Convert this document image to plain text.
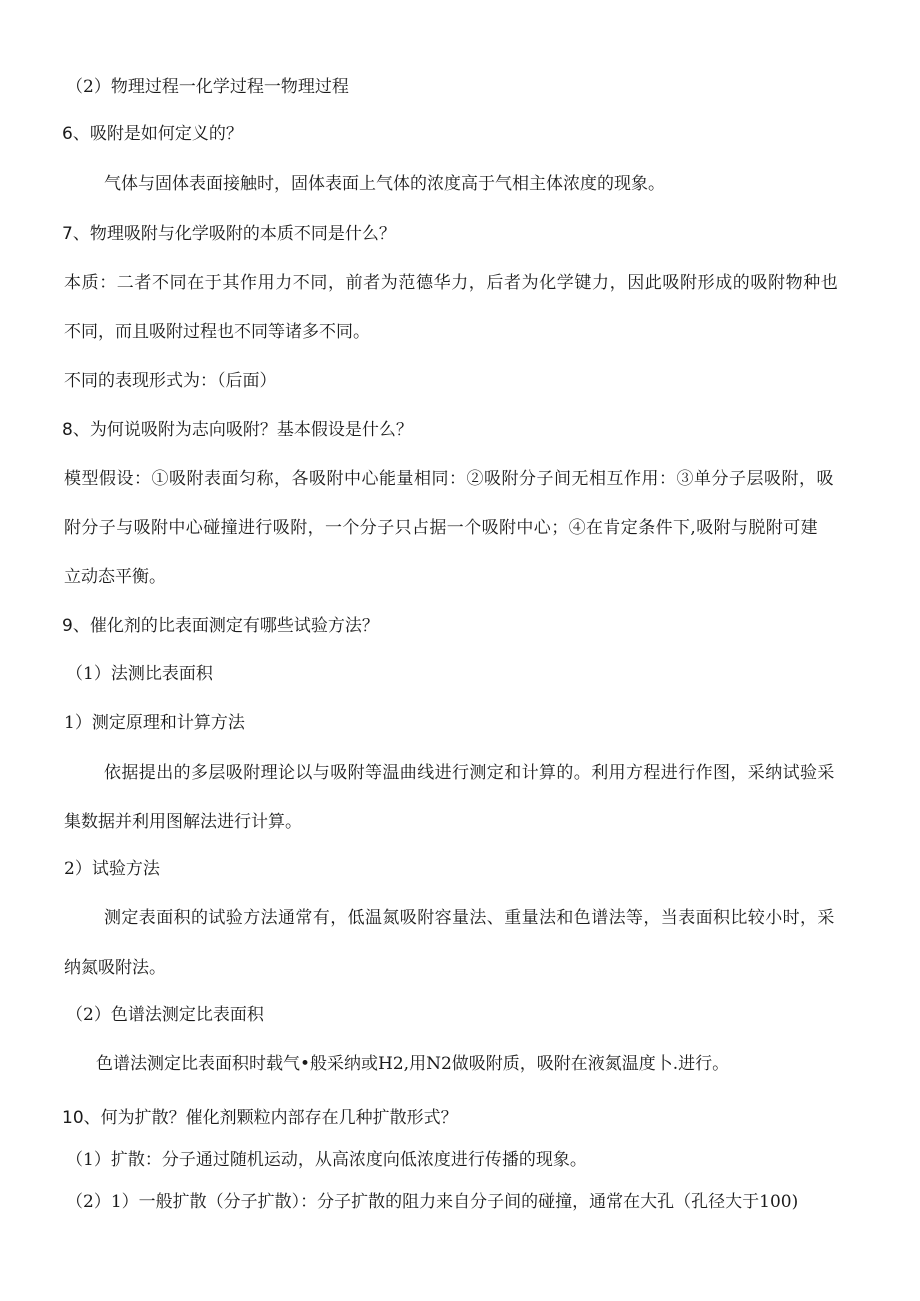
（2）物理过程一化学过程一物理过程
6、吸附是如何定义的？
气体与固体表面接触时，固体表面上气体的浓度高于气相主体浓度的现象。
7、物理吸附与化学吸附的本质不同是什么？
本质：二者不同在于其作用力不同，前者为范德华力，后者为化学键力，因此吸附形成的吸附物种也
不同，而且吸附过程也不同等诸多不同。
不同的表现形式为：（后面）
8、为何说吸附为志向吸附？基本假设是什么？
模型假设：①吸附表面匀称，各吸附中心能量相同：②吸附分子间无相互作用：③单分子层吸附，吸
附分子与吸附中心碰撞进行吸附，一个分子只占据一个吸附中心；④在肯定条件下,吸附与脱附可建
立动态平衡。
9、催化剂的比表面测定有哪些试验方法？
（1）法测比表面积
1）测定原理和计算方法
依据提出的多层吸附理论以与吸附等温曲线进行测定和计算的。利用方程进行作图，采纳试验采
集数据并利用图解法进行计算。
2）试验方法
测定表面积的试验方法通常有，低温氮吸附容量法、重量法和色谱法等，当表面积比较小时，采
纳氮吸附法。
（2）色谱法测定比表面积
色谱法测定比表面积时载气•般采纳或H2,用N2做吸附质，吸附在液氮温度卜.进行。
10、何为扩散？催化剂颗粒内部存在几种扩散形式？
（1）扩散：分子通过随机运动，从高浓度向低浓度进行传播的现象。
（2）1）一般扩散（分子扩散）：分子扩散的阻力来自分子间的碰撞，通常在大孔（孔径大于100)
